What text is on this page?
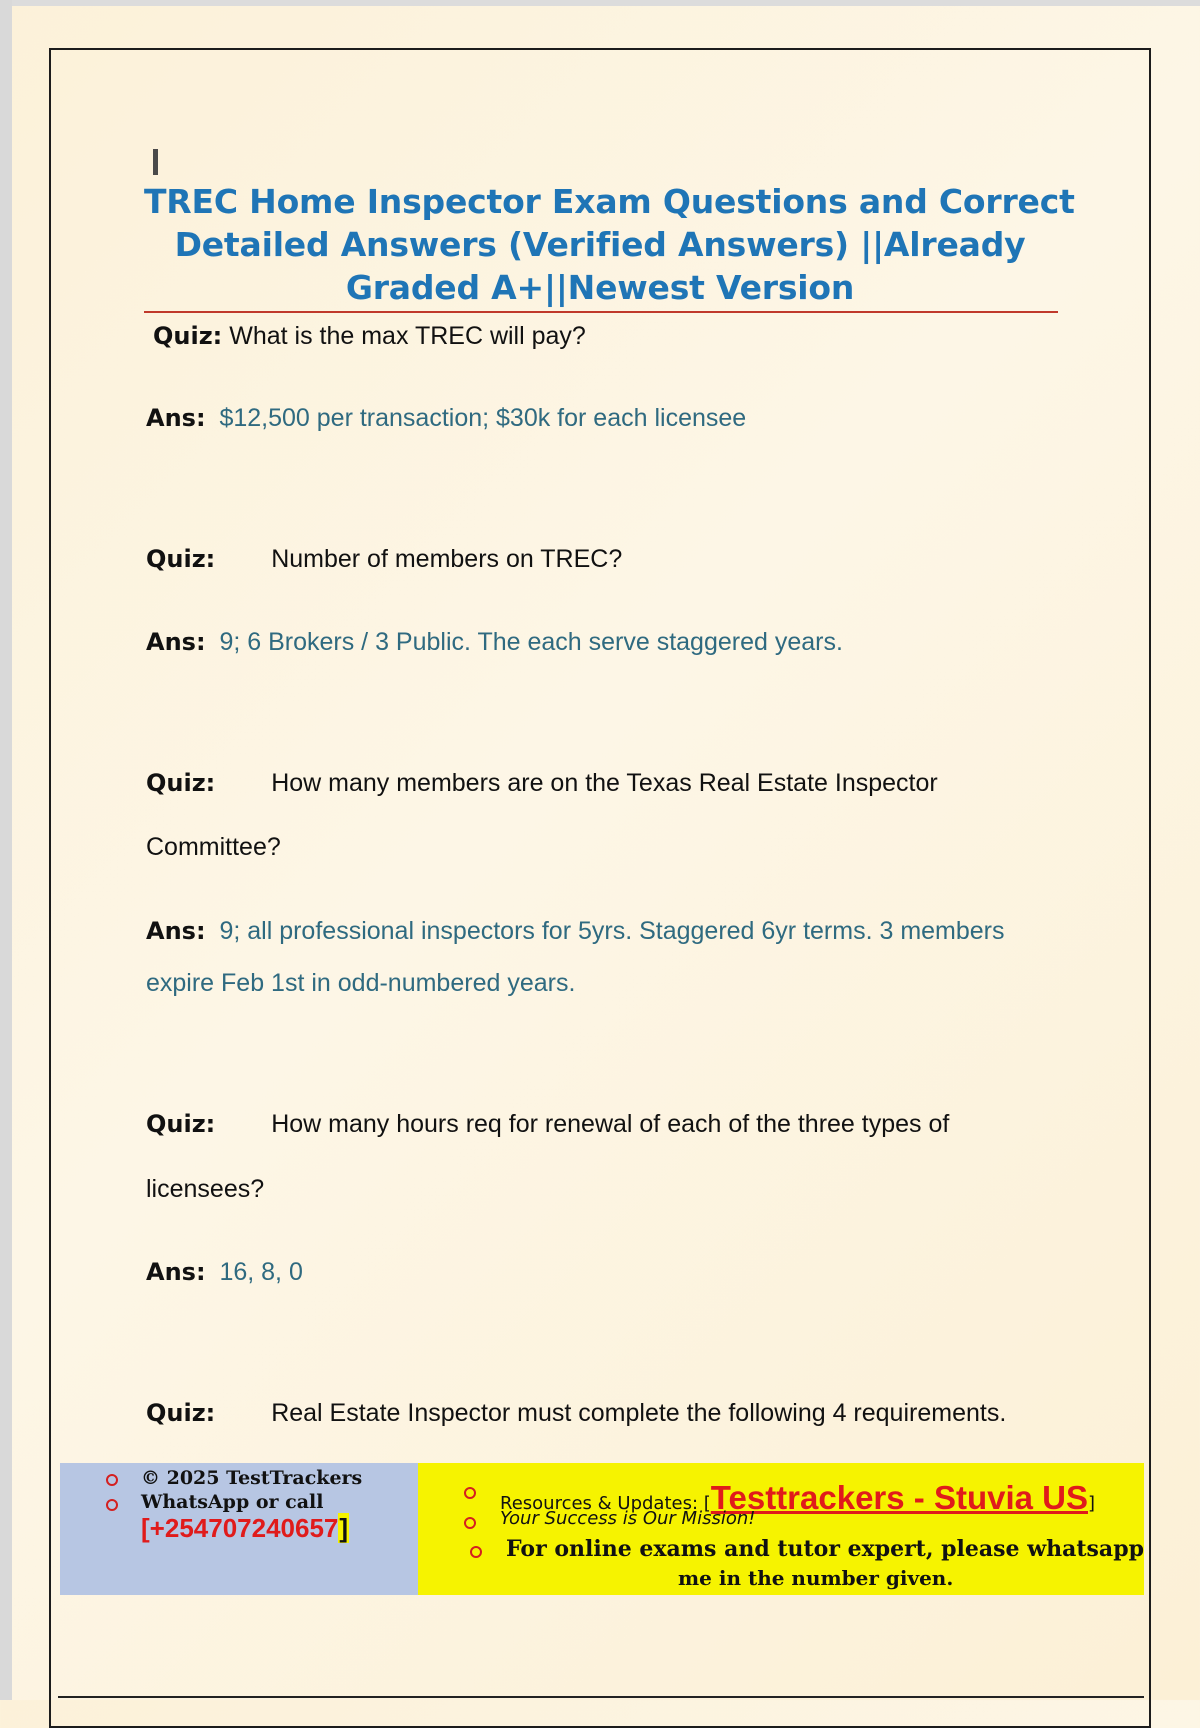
TREC Home Inspector Exam Questions and Correct
Detailed Answers (Verified Answers) ||Already
Graded A+||Newest Version
Quiz: What is the max TREC will pay?
Ans: $12,500 per transaction; $30k for each licensee
Quiz: Number of members on TREC?
Ans: 9; 6 Brokers / 3 Public. The each serve staggered years.
Quiz: How many members are on the Texas Real Estate Inspector
Committee?
Ans: 9; all professional inspectors for 5yrs. Staggered 6yr terms. 3 members
expire Feb 1st in odd-numbered years.
Quiz: How many hours req for renewal of each of the three types of
licensees?
Ans: 16, 8, 0
Quiz: Real Estate Inspector must complete the following 4 requirements.
© 2025 TestTrackers
WhatsApp or call
[+254707240657]
Resources & Updates: [Testtrackers - Stuvia US]
Your Success is Our Mission!
For online exams and tutor expert, please whatsapp
me in the number given.
